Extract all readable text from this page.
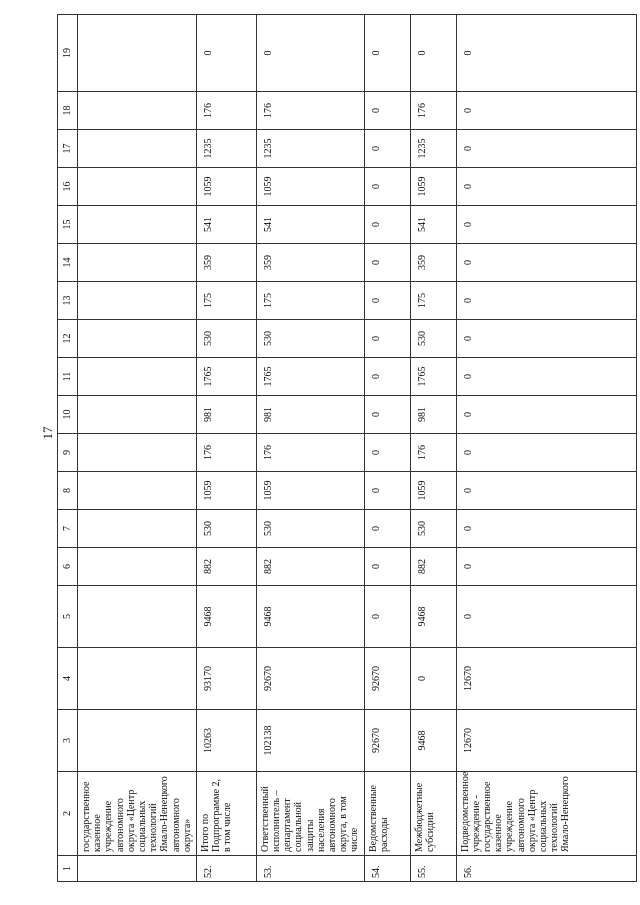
17
1	2	3	4	5	6	7	8	9	10	11	12	13	14	15	16	17	18	19
	государственное казенное учреждение автономного округа «Центр социальных технологий Ямало-Ненецкого автономного округа»																	
52.	Итого по Подпрограмме 2, в том числе	10263	93170	9468	882	530	1059	176	981	1765	530	175	359	541	1059	1235	176	0
53.	Ответственный исполнитель – департамент социальной защиты населения автономного округа, в том числе	102138	92670	9468	882	530	1059	176	981	1765	530	175	359	541	1059	1235	176	0
54.	Ведомственные расходы	92670	92670	0	0	0	0	0	0	0	0	0	0	0	0	0	0	0
55.	Межбюджетные субсидии	9468	0	9468	882	530	1059	176	981	1765	530	175	359	541	1059	1235	176	0
56.	Подведомственное учреждение - государственное казенное учреждение автономного округа «Центр социальных технологий Ямало-Ненецкого	12670	12670	0	0	0	0	0	0	0	0	0	0	0	0	0	0	0
